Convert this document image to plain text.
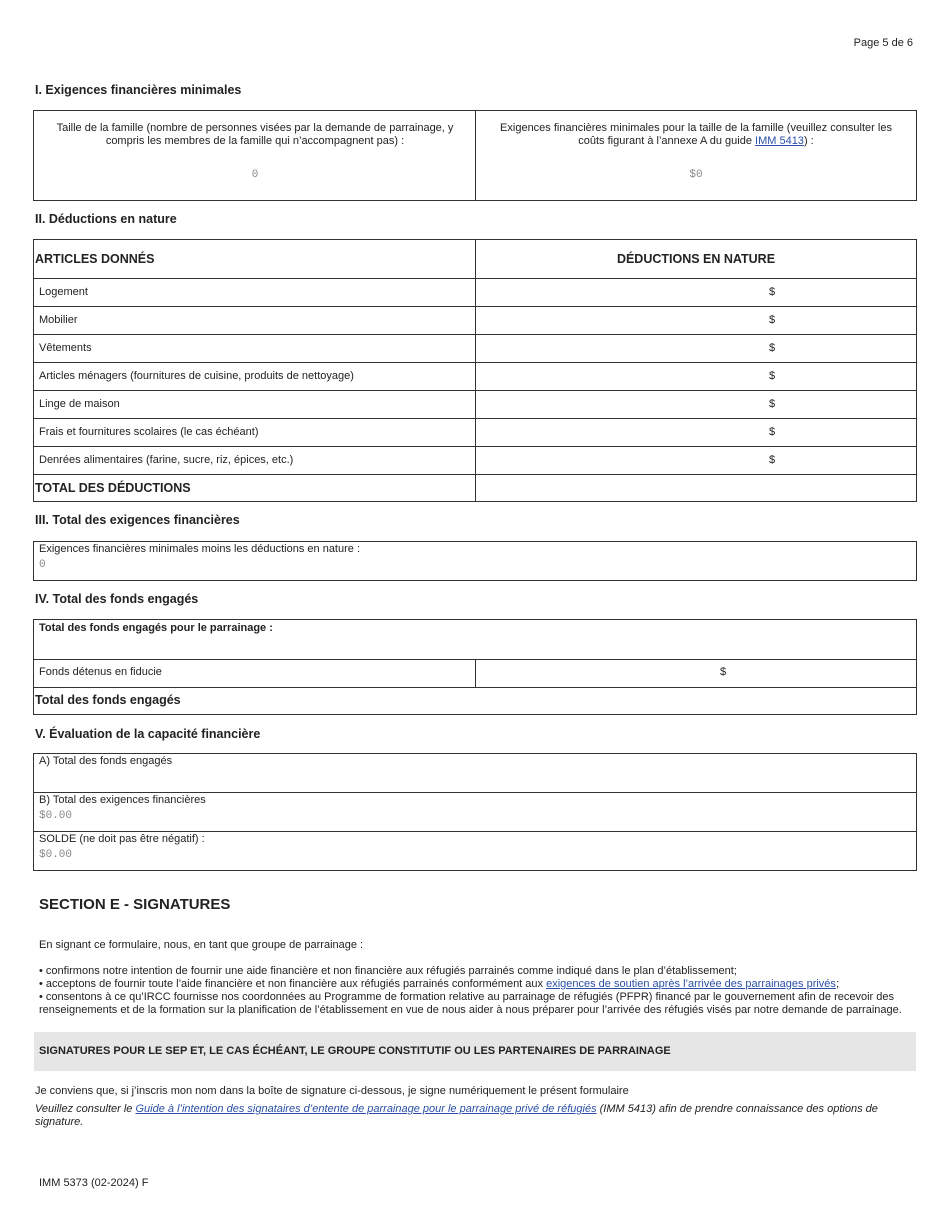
Page 5 de 6
I. Exigences financières minimales
Taille de la famille (nombre de personnes visées par la demande de parrainage, y compris les membres de la famille qui n’accompagnent pas) :
0
Exigences financières minimales pour la taille de la famille (veuillez consulter les coûts figurant à l’annexe A du guide IMM 5413) :
$0
II. Déductions en nature
ARTICLES DONNÉS	DÉDUCTIONS EN NATURE
Logement	$
Mobilier	$
Vêtements	$
Articles ménagers (fournitures de cuisine, produits de nettoyage)	$
Linge de maison	$
Frais et fournitures scolaires (le cas échéant)	$
Denrées alimentaires (farine, sucre, riz, épices, etc.)	$
TOTAL DES DÉDUCTIONS
III. Total des exigences financières
Exigences financières minimales moins les déductions en nature :
0
IV. Total des fonds engagés
Total des fonds engagés pour le parrainage :
Fonds détenus en fiducie	$
Total des fonds engagés
V. Évaluation de la capacité financière
A) Total des fonds engagés
B) Total des exigences financières
$0.00
SOLDE (ne doit pas être négatif) :
$0.00
SECTION E - SIGNATURES
En signant ce formulaire, nous, en tant que groupe de parrainage :
• confirmons notre intention de fournir une aide financière et non financière aux réfugiés parrainés comme indiqué dans le plan d’établissement;
• acceptons de fournir toute l’aide financière et non financière aux réfugiés parrainés conformément aux exigences de soutien après l’arrivée des parrainages privés;
• consentons à ce qu’IRCC fournisse nos coordonnées au Programme de formation relative au parrainage de réfugiés (PFPR) financé par le gouvernement afin de recevoir des renseignements et de la formation sur la planification de l’établissement en vue de nous aider à nous préparer pour l’arrivée des réfugiés visés par notre demande de parrainage.
SIGNATURES POUR LE SEP ET, LE CAS ÉCHÉANT, LE GROUPE CONSTITUTIF OU LES PARTENAIRES DE PARRAINAGE
Je conviens que, si j’inscris mon nom dans la boîte de signature ci-dessous, je signe numériquement le présent formulaire
Veuillez consulter le Guide à l’intention des signataires d’entente de parrainage pour le parrainage privé de réfugiés (IMM 5413) afin de prendre connaissance des options de signature.
IMM 5373 (02-2024) F
